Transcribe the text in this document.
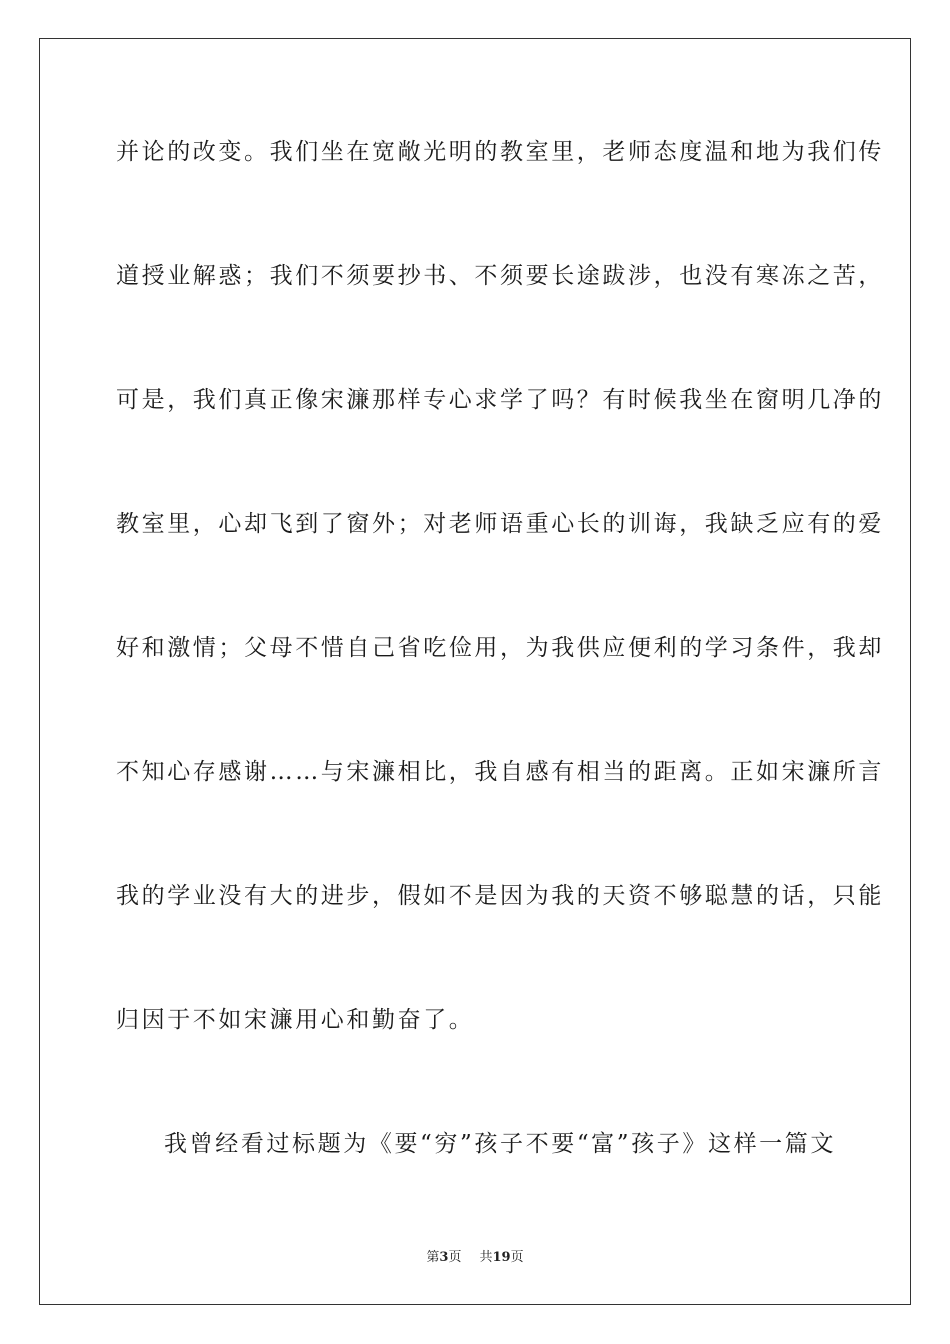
并论的改变。我们坐在宽敞光明的教室里，老师态度温和地为我们传
道授业解惑；我们不须要抄书、不须要长途跋涉，也没有寒冻之苦，
可是，我们真正像宋濂那样专心求学了吗？有时候我坐在窗明几净的
教室里，心却飞到了窗外；对老师语重心长的训诲，我缺乏应有的爱
好和激情；父母不惜自己省吃俭用，为我供应便利的学习条件，我却
不知心存感谢……与宋濂相比，我自感有相当的距离。正如宋濂所言
我的学业没有大的进步，假如不是因为我的天资不够聪慧的话，只能
归因于不如宋濂用心和勤奋了。
我曾经看过标题为《要“穷”孩子不要“富”孩子》这样一篇文
第3页 共19页
